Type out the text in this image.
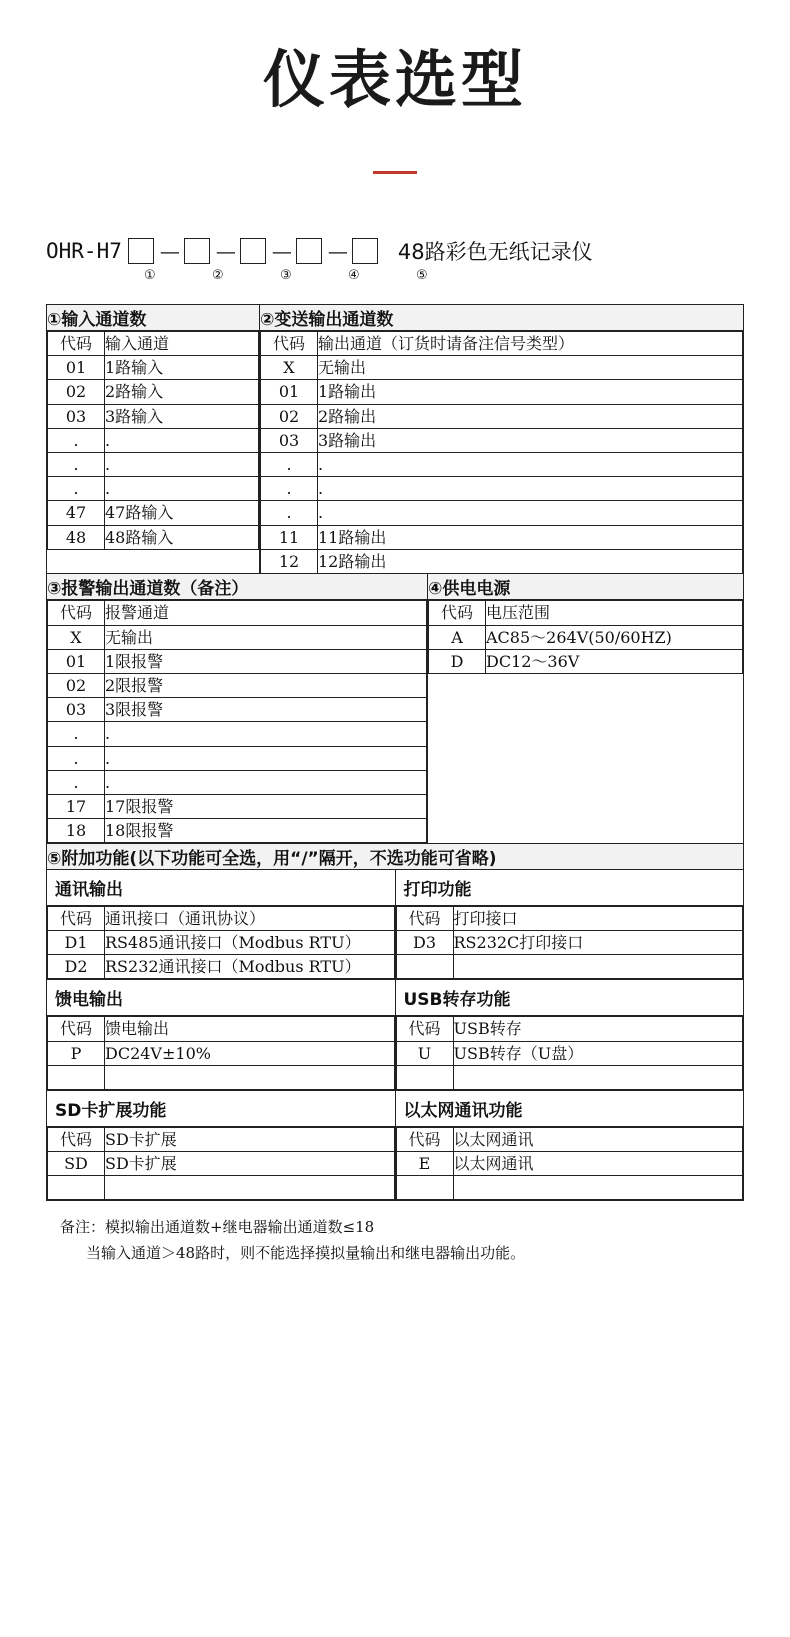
仪表选型
OHR-H7 — — — — 48路彩色无纸记录仪
①	②	③	④	⑤
①输入通道数	②变送输出通道数

代码	输入通道
01	1路输入
02	2路输入
03	3路输入
.	.
.	.
.	.
47	47路输入
48	48路输入

代码	输出通道（订货时请备注信号类型）
X	无输出
01	1路输出
02	2路输出
03	3路输出
.	.
.	.
.	.
11	11路输出
12	12路输出
③报警输出通道数（备注）	④供电电源

代码	报警通道
X	无输出
01	1限报警
02	2限报警
03	3限报警
.	.
.	.
.	.
17	17限报警
18	18限报警

代码	电压范围
A	AC85～264V(50/60HZ)
D	DC12～36V
⑤附加功能(以下功能可全选，用“/”隔开，不选功能可省略)

通讯输出
代码	通讯接口（通讯协议）
D1	RS485通讯接口（Modbus RTU）
D2	RS232通讯接口（Modbus RTU）

打印功能
代码	打印接口
D3	RS232C打印接口

馈电输出
代码	馈电输出
P	DC24V±10%

USB转存功能
代码	USB转存
U	USB转存（U盘）

SD卡扩展功能
代码	SD卡扩展
SD	SD卡扩展

以太网通讯功能
代码	以太网通讯
E	以太网通讯

备注：模拟输出通道数+继电器输出通道数≤18
当输入通道＞48路时，则不能选择摸拟量输出和继电器输出功能。
